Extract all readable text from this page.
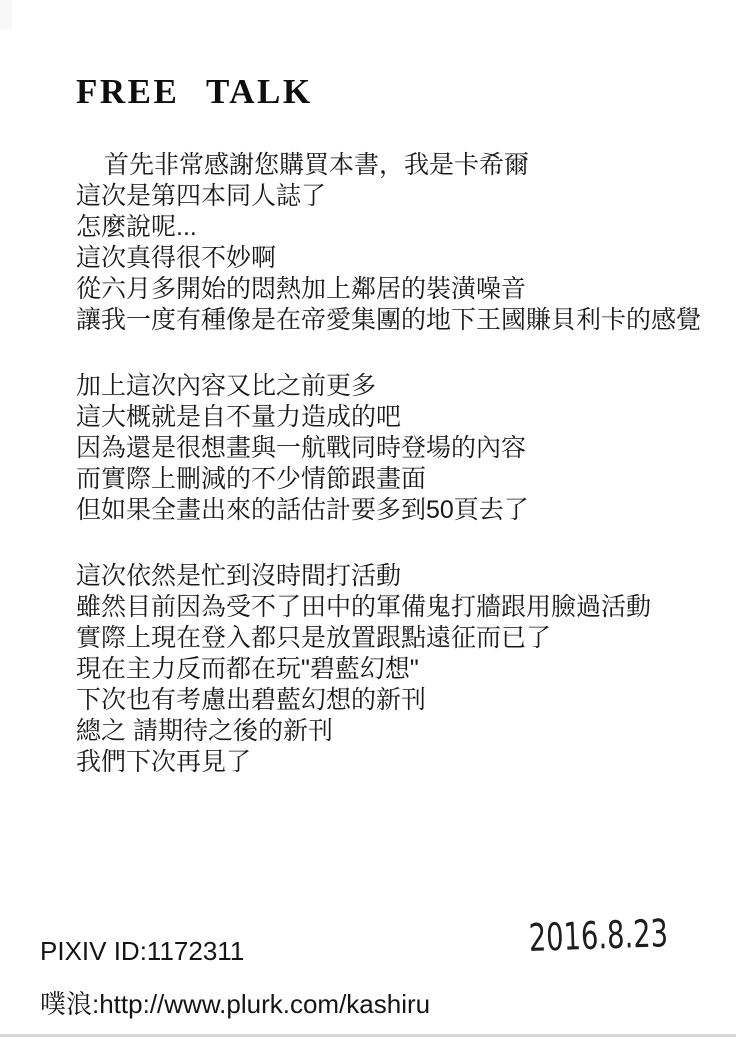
FREE TALK

首先非常感謝您購買本書，我是卡希爾

這次是第四本同人誌了

怎麼說呢...

這次真得很不妙啊

從六月多開始的悶熱加上鄰居的裝潢噪音

讓我一度有種像是在帝愛集團的地下王國賺貝利卡的感覺

加上這次內容又比之前更多

這大概就是自不量力造成的吧

因為還是很想畫與一航戰同時登場的內容

而實際上刪減的不少情節跟畫面

但如果全畫出來的話估計要多到50頁去了

這次依然是忙到沒時間打活動

雖然目前因為受不了田中的軍備鬼打牆跟用臉過活動

實際上現在登入都只是放置跟點遠征而已了

現在主力反而都在玩"碧藍幻想"

下次也有考慮出碧藍幻想的新刊

總之 請期待之後的新刊

我們下次再見了

2016.8.23
PIXIV ID:1172311
噗浪:http://www.plurk.com/kashiru
